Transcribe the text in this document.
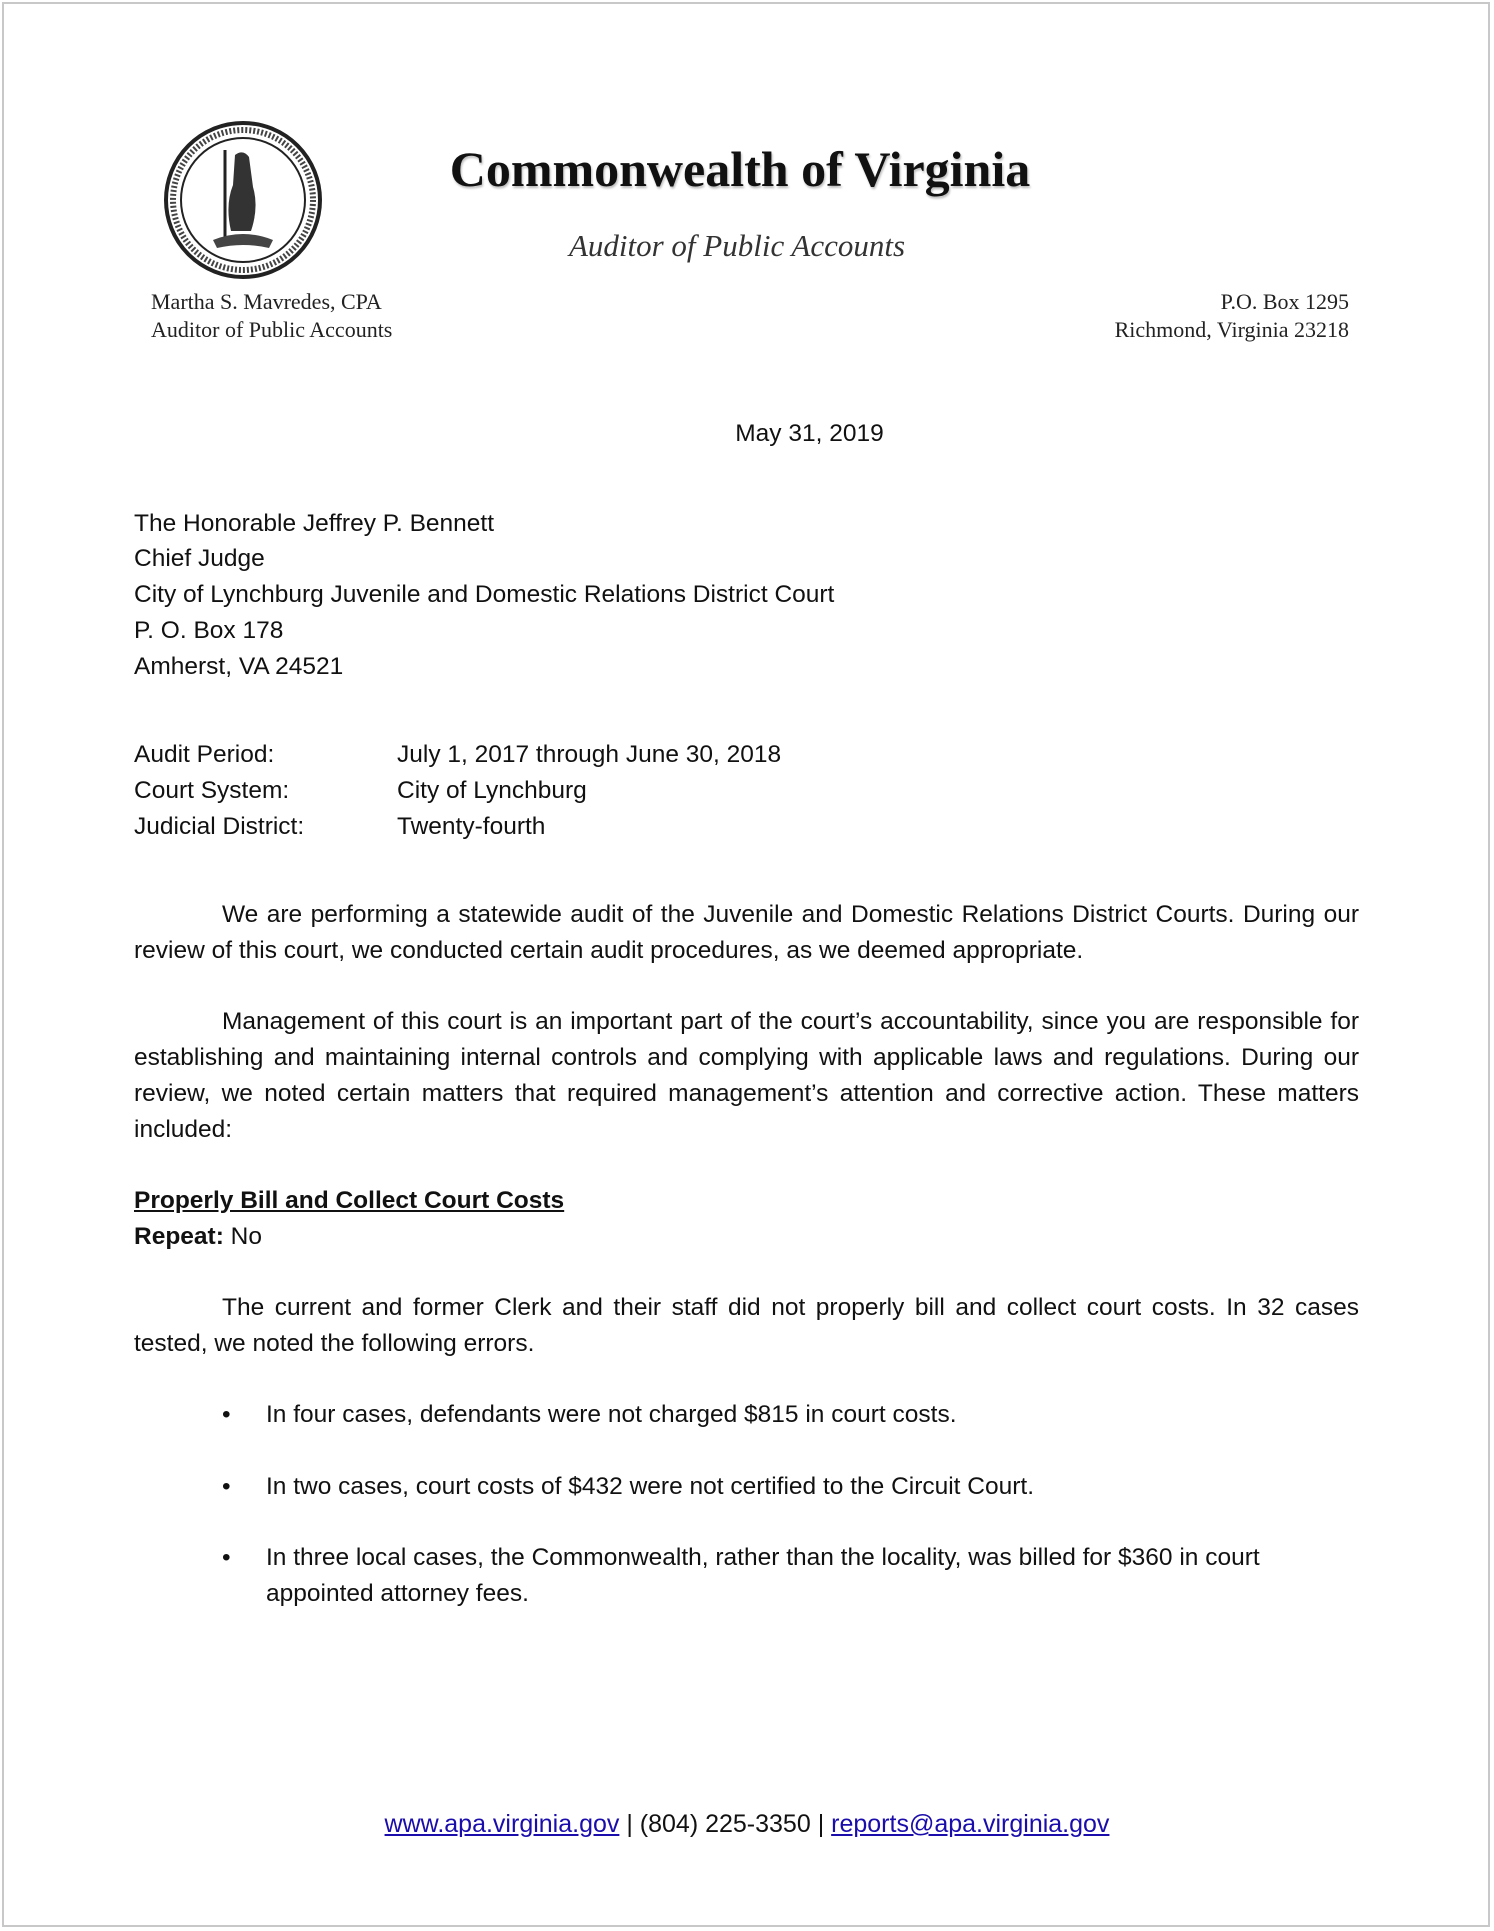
Commonwealth of Virginia
Auditor of Public Accounts
Martha S. Mavredes, CPA
Auditor of Public Accounts
P.O. Box 1295
Richmond, Virginia 23218
May 31, 2019
The Honorable Jeffrey P. Bennett
Chief Judge
City of Lynchburg Juvenile and Domestic Relations District Court
P. O. Box 178
Amherst, VA 24521
Audit Period:	July 1, 2017 through June 30, 2018
Court System:	City of Lynchburg
Judicial District:	Twenty-fourth
We are performing a statewide audit of the Juvenile and Domestic Relations District Courts. During our review of this court, we conducted certain audit procedures, as we deemed appropriate.
Management of this court is an important part of the court’s accountability, since you are responsible for establishing and maintaining internal controls and complying with applicable laws and regulations. During our review, we noted certain matters that required management’s attention and corrective action. These matters included:
Properly Bill and Collect Court Costs
Repeat: No
The current and former Clerk and their staff did not properly bill and collect court costs. In 32 cases tested, we noted the following errors.
•	In four cases, defendants were not charged $815 in court costs.
•	In two cases, court costs of $432 were not certified to the Circuit Court.
•	In three local cases, the Commonwealth, rather than the locality, was billed for $360 in court appointed attorney fees.
www.apa.virginia.gov | (804) 225-3350 | reports@apa.virginia.gov
